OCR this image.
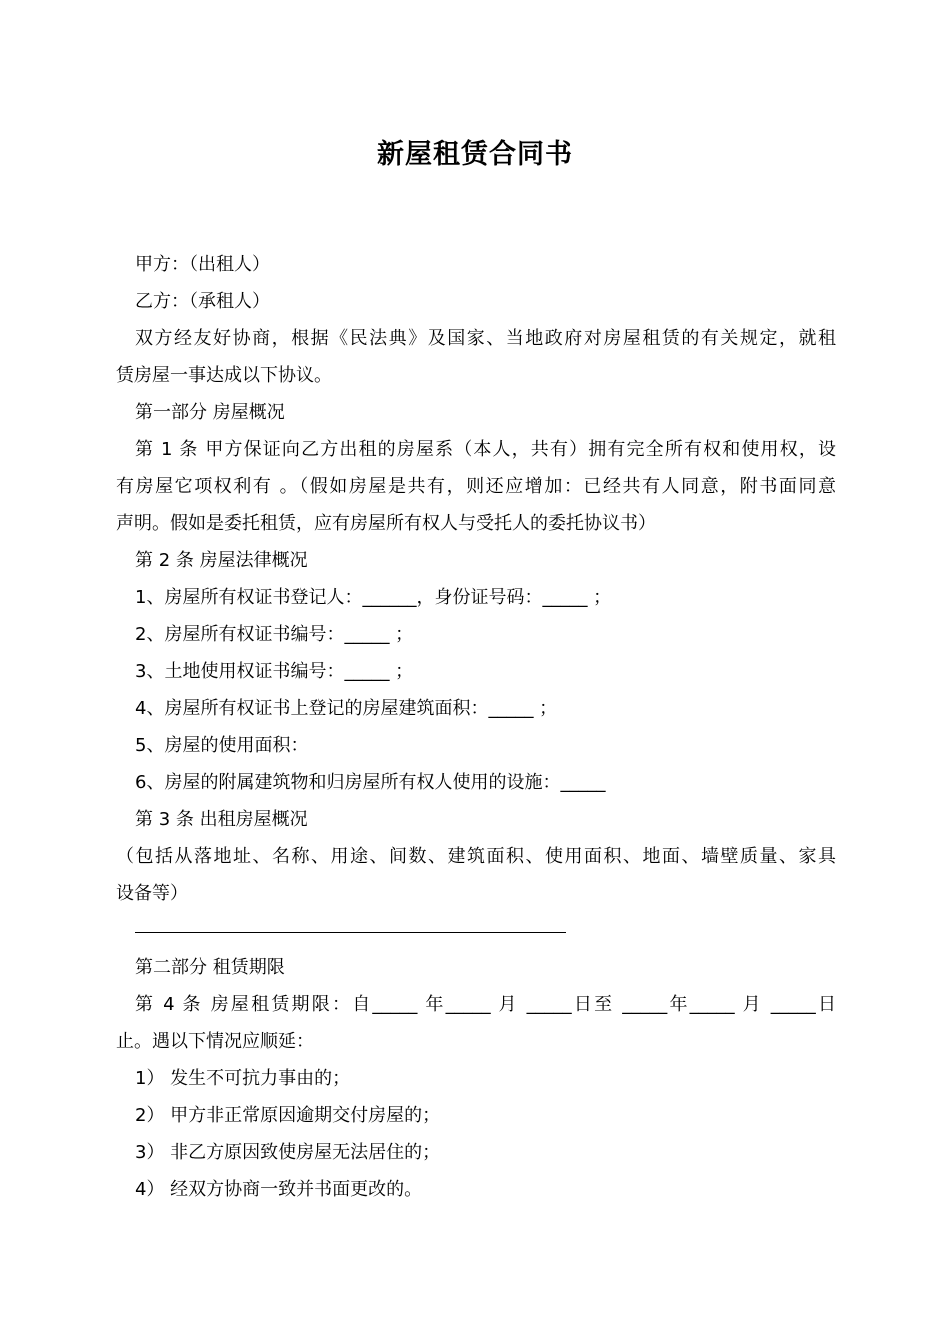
新屋租赁合同书
甲方：（出租人）
乙方：（承租人）
双方经友好协商，根据《民法典》及国家、当地政府对房屋租赁的有关规定，就租
赁房屋一事达成以下协议。
第一部分 房屋概况
第 1 条 甲方保证向乙方出租的房屋系（本人，共有）拥有完全所有权和使用权，设
有房屋它项权利有 。（假如房屋是共有，则还应增加：已经共有人同意，附书面同意
声明。假如是委托租赁，应有房屋所有权人与受托人的委托协议书）
第 2 条 房屋法律概况
1、房屋所有权证书登记人：______，身份证号码：_____ ；
2、房屋所有权证书编号：_____ ；
3、土地使用权证书编号：_____ ；
4、房屋所有权证书上登记的房屋建筑面积：_____ ；
5、房屋的使用面积：
6、房屋的附属建筑物和归房屋所有权人使用的设施：_____
第 3 条 出租房屋概况
（包括从落地址、名称、用途、间数、建筑面积、使用面积、地面、墙壁质量、家具
设备等）
第二部分 租赁期限
第 4 条 房屋租赁期限：自_____ 年_____ 月 _____日至 _____年_____ 月 _____日
止。遇以下情况应顺延：
1） 发生不可抗力事由的；
2） 甲方非正常原因逾期交付房屋的；
3） 非乙方原因致使房屋无法居住的；
4） 经双方协商一致并书面更改的。
